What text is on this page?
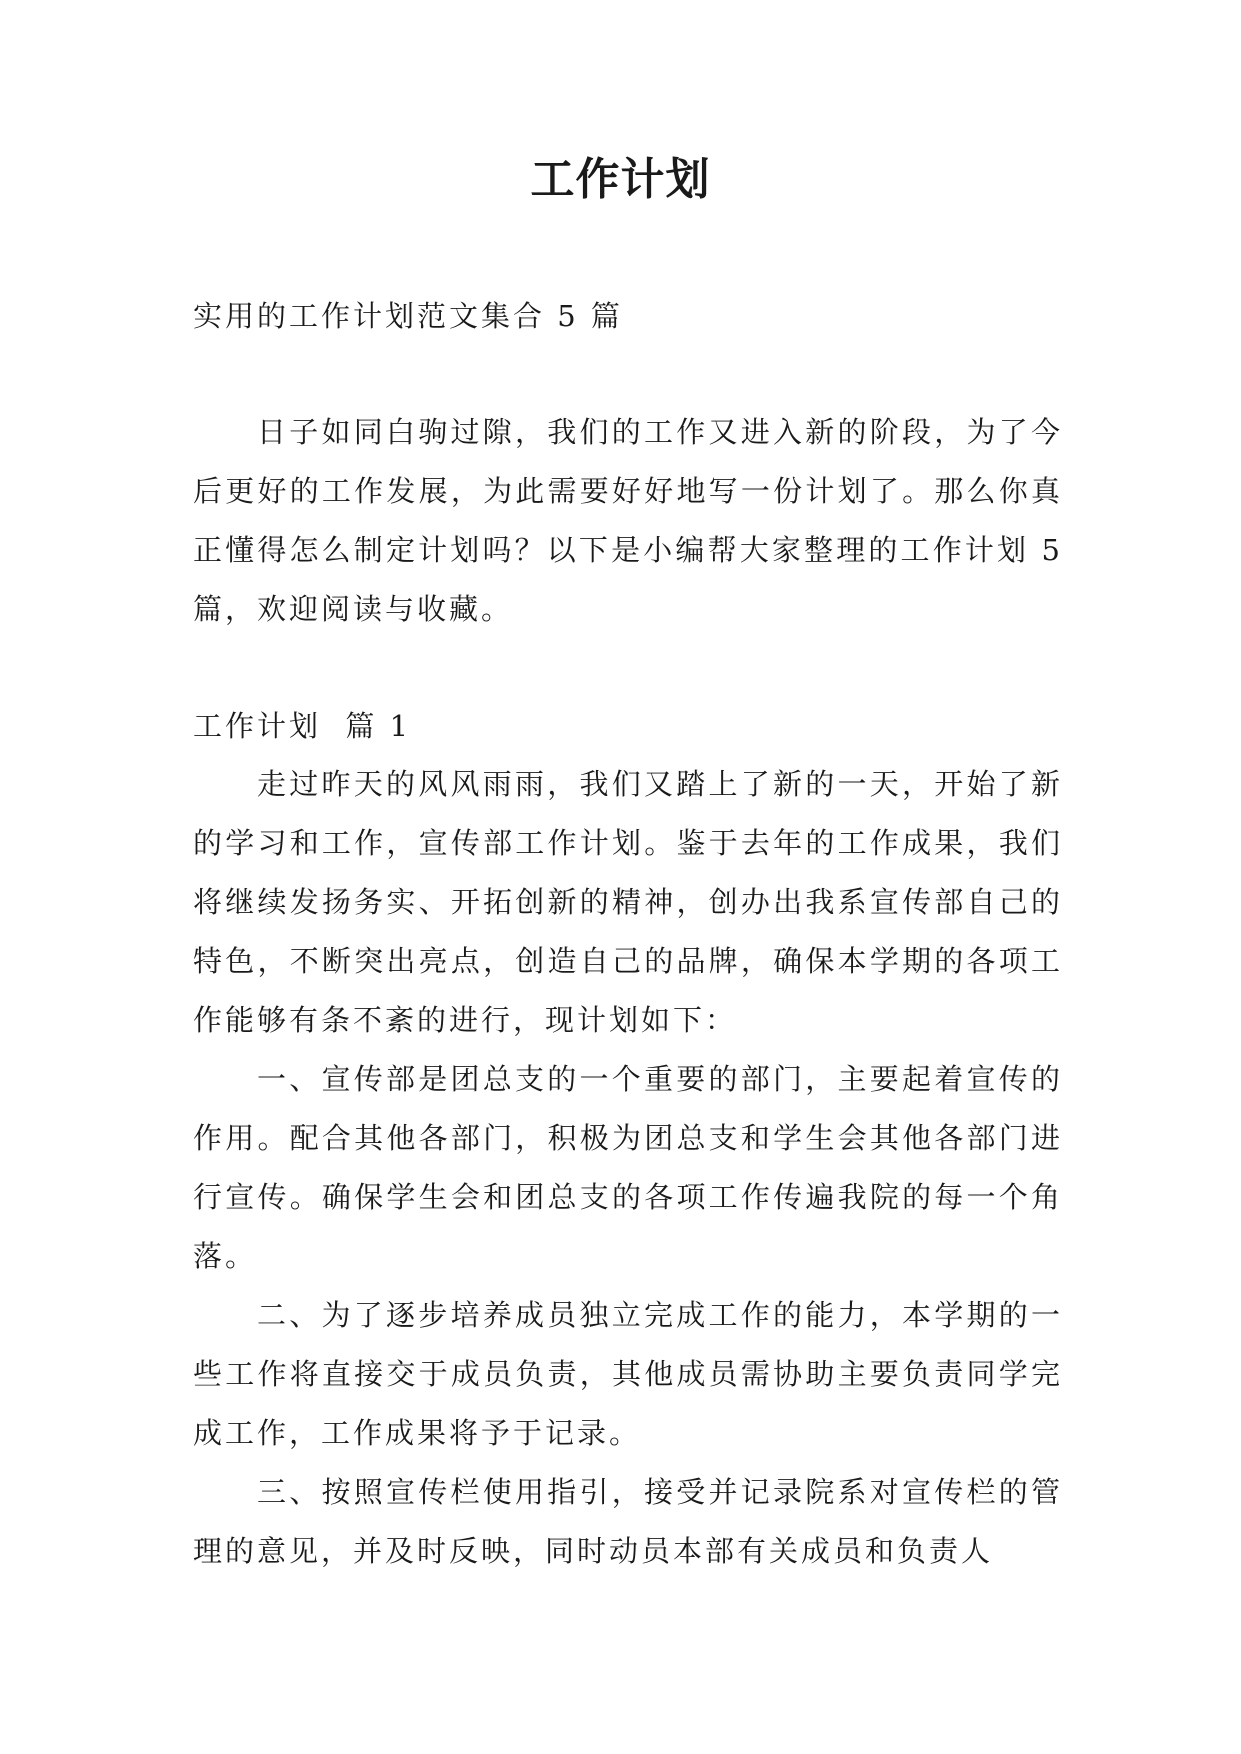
工作计划

实用的工作计划范文集合 5 篇

日子如同白驹过隙，我们的工作又进入新的阶段，为了今后更好的工作发展，为此需要好好地写一份计划了。那么你真正懂得怎么制定计划吗？以下是小编帮大家整理的工作计划 5 篇，欢迎阅读与收藏。

工作计划  篇 1

走过昨天的风风雨雨，我们又踏上了新的一天，开始了新的学习和工作，宣传部工作计划。鉴于去年的工作成果，我们将继续发扬务实、开拓创新的精神，创办出我系宣传部自己的特色，不断突出亮点，创造自己的品牌，确保本学期的各项工作能够有条不紊的进行，现计划如下：

一、宣传部是团总支的一个重要的部门，主要起着宣传的作用。配合其他各部门，积极为团总支和学生会其他各部门进行宣传。确保学生会和团总支的各项工作传遍我院的每一个角落。

二、为了逐步培养成员独立完成工作的能力，本学期的一些工作将直接交于成员负责，其他成员需协助主要负责同学完成工作，工作成果将予于记录。

三、按照宣传栏使用指引，接受并记录院系对宣传栏的管理的意见，并及时反映，同时动员本部有关成员和负责人
